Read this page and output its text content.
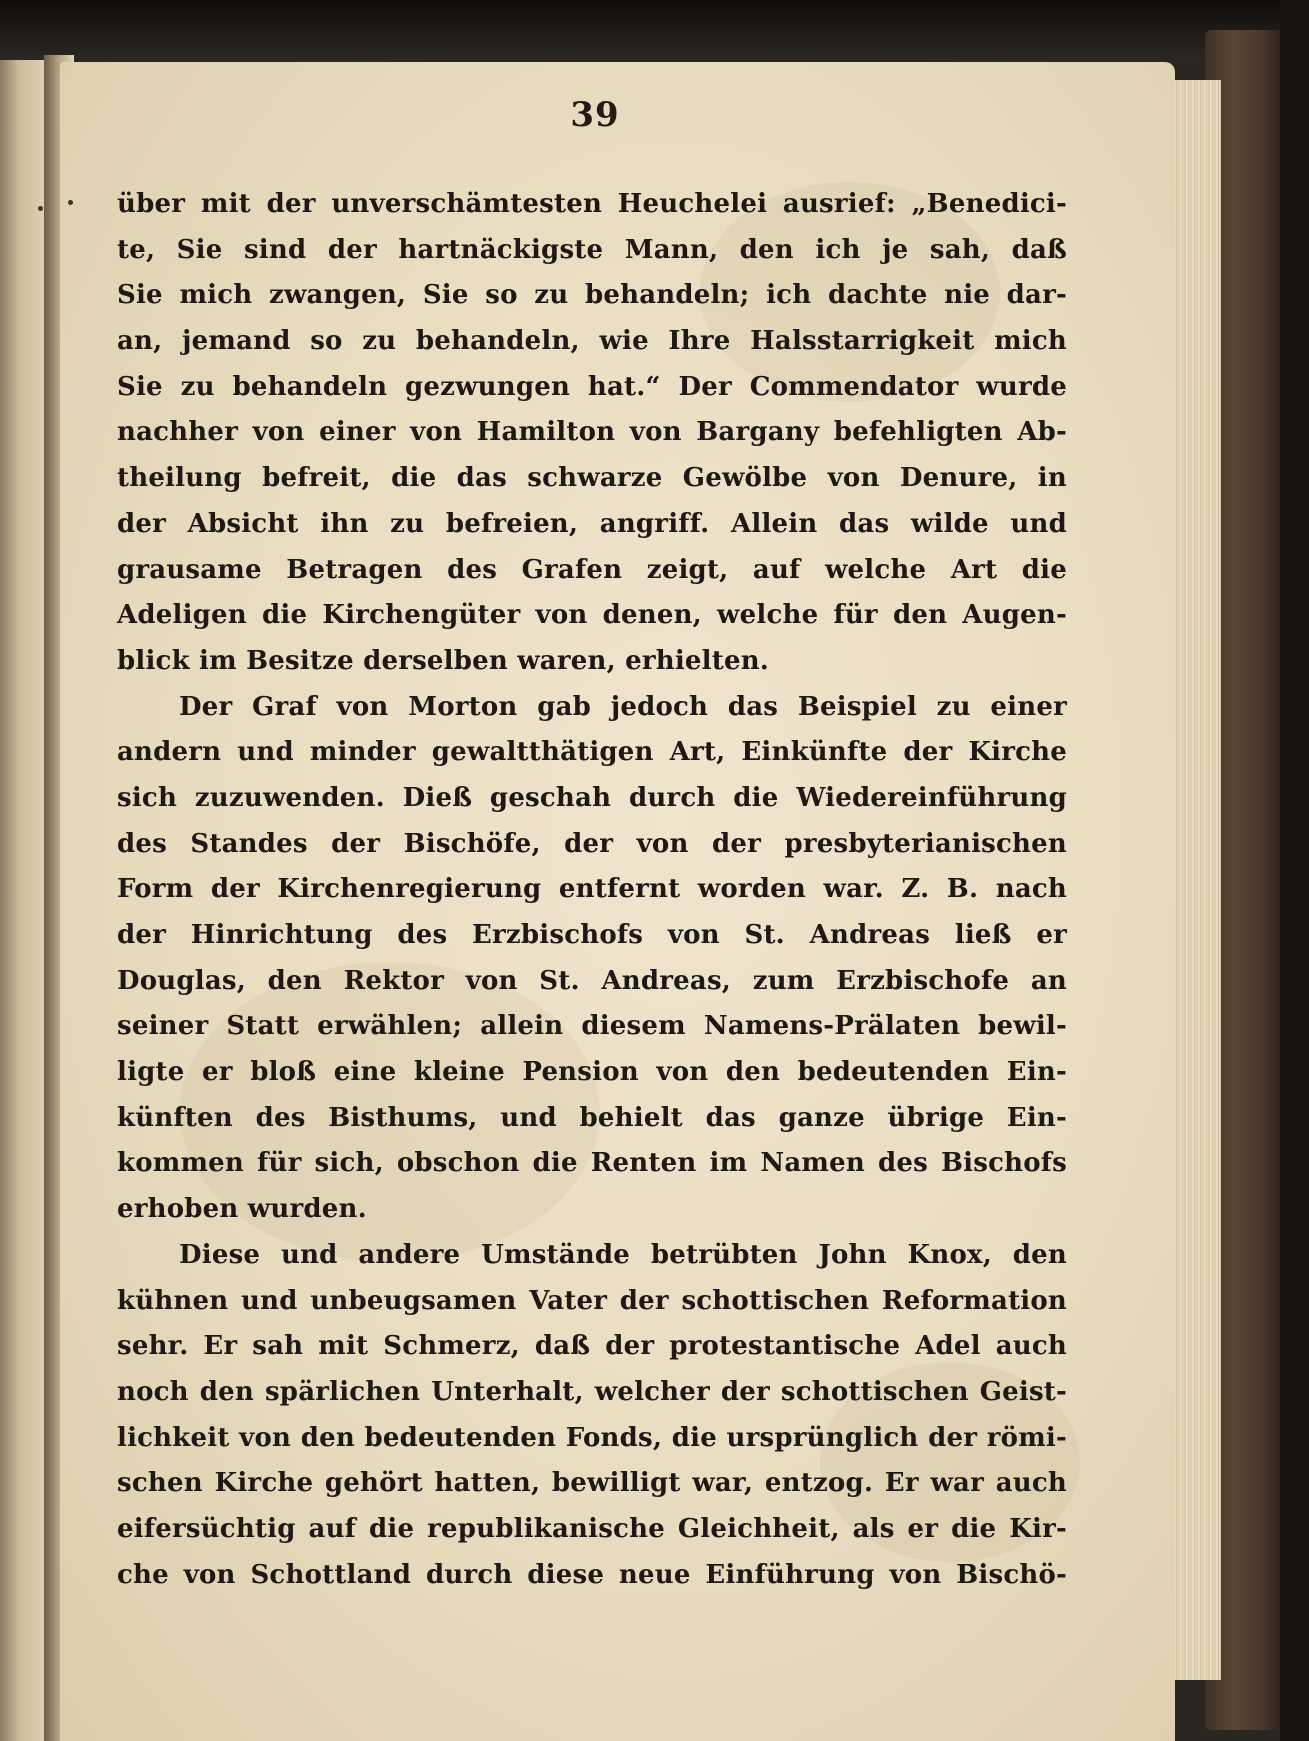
39
über mit der unverschämtesten Heuchelei ausrief: „Benedici-
te, Sie sind der hartnäckigste Mann, den ich je sah, daß
Sie mich zwangen, Sie so zu behandeln; ich dachte nie dar-
an, jemand so zu behandeln, wie Ihre Halsstarrigkeit mich
Sie zu behandeln gezwungen hat.“ Der Commendator wurde
nachher von einer von Hamilton von Bargany befehligten Ab-
theilung befreit, die das schwarze Gewölbe von Denure, in
der Absicht ihn zu befreien, angriff. Allein das wilde und
grausame Betragen des Grafen zeigt, auf welche Art die
Adeligen die Kirchengüter von denen, welche für den Augen-
blick im Besitze derselben waren, erhielten.
Der Graf von Morton gab jedoch das Beispiel zu einer
andern und minder gewaltthätigen Art, Einkünfte der Kirche
sich zuzuwenden. Dieß geschah durch die Wiedereinführung
des Standes der Bischöfe, der von der presbyterianischen
Form der Kirchenregierung entfernt worden war. Z. B. nach
der Hinrichtung des Erzbischofs von St. Andreas ließ er
Douglas, den Rektor von St. Andreas, zum Erzbischofe an
seiner Statt erwählen; allein diesem Namens-Prälaten bewil-
ligte er bloß eine kleine Pension von den bedeutenden Ein-
künften des Bisthums, und behielt das ganze übrige Ein-
kommen für sich, obschon die Renten im Namen des Bischofs
erhoben wurden.
Diese und andere Umstände betrübten John Knox, den
kühnen und unbeugsamen Vater der schottischen Reformation
sehr. Er sah mit Schmerz, daß der protestantische Adel auch
noch den spärlichen Unterhalt, welcher der schottischen Geist-
lichkeit von den bedeutenden Fonds, die ursprünglich der römi-
schen Kirche gehört hatten, bewilligt war, entzog. Er war auch
eifersüchtig auf die republikanische Gleichheit, als er die Kir-
che von Schottland durch diese neue Einführung von Bischö-
